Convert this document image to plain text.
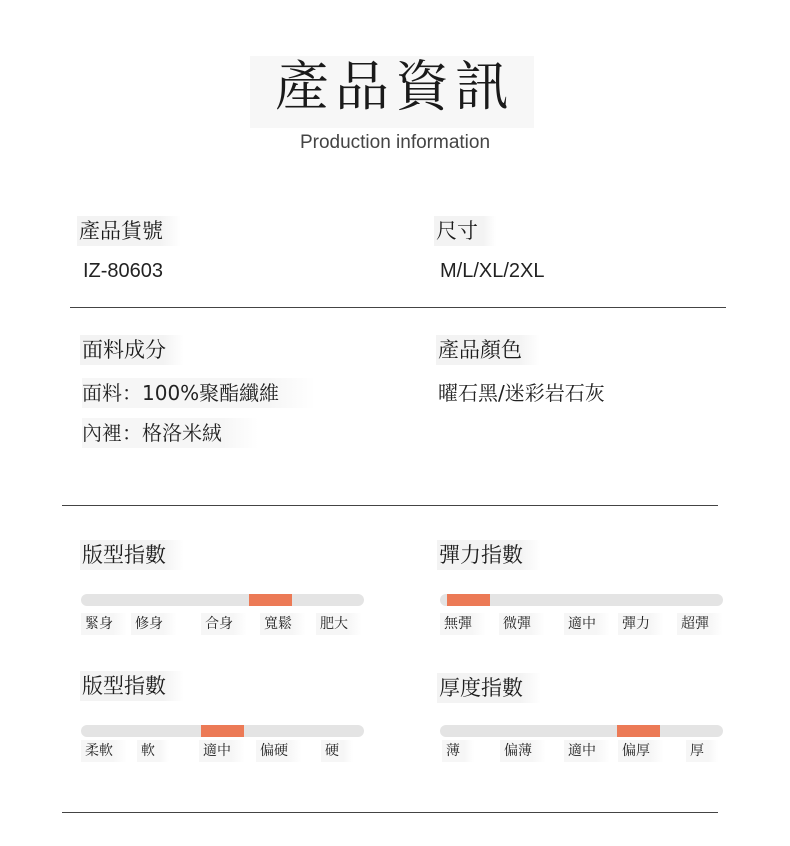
產品資訊
Production information
產品貨號
IZ-80603
尺寸
M/L/XL/2XL
面料成分
面料：100%聚酯纖維
內裡：格洛米絨
產品顏色
曜石黑/迷彩岩石灰
版型指數
緊身	修身	合身	寬鬆	肥大
彈力指數
無彈	微彈	適中	彈力	超彈
版型指數
柔軟	軟	適中	偏硬	硬
厚度指數
薄	偏薄	適中	偏厚	厚
